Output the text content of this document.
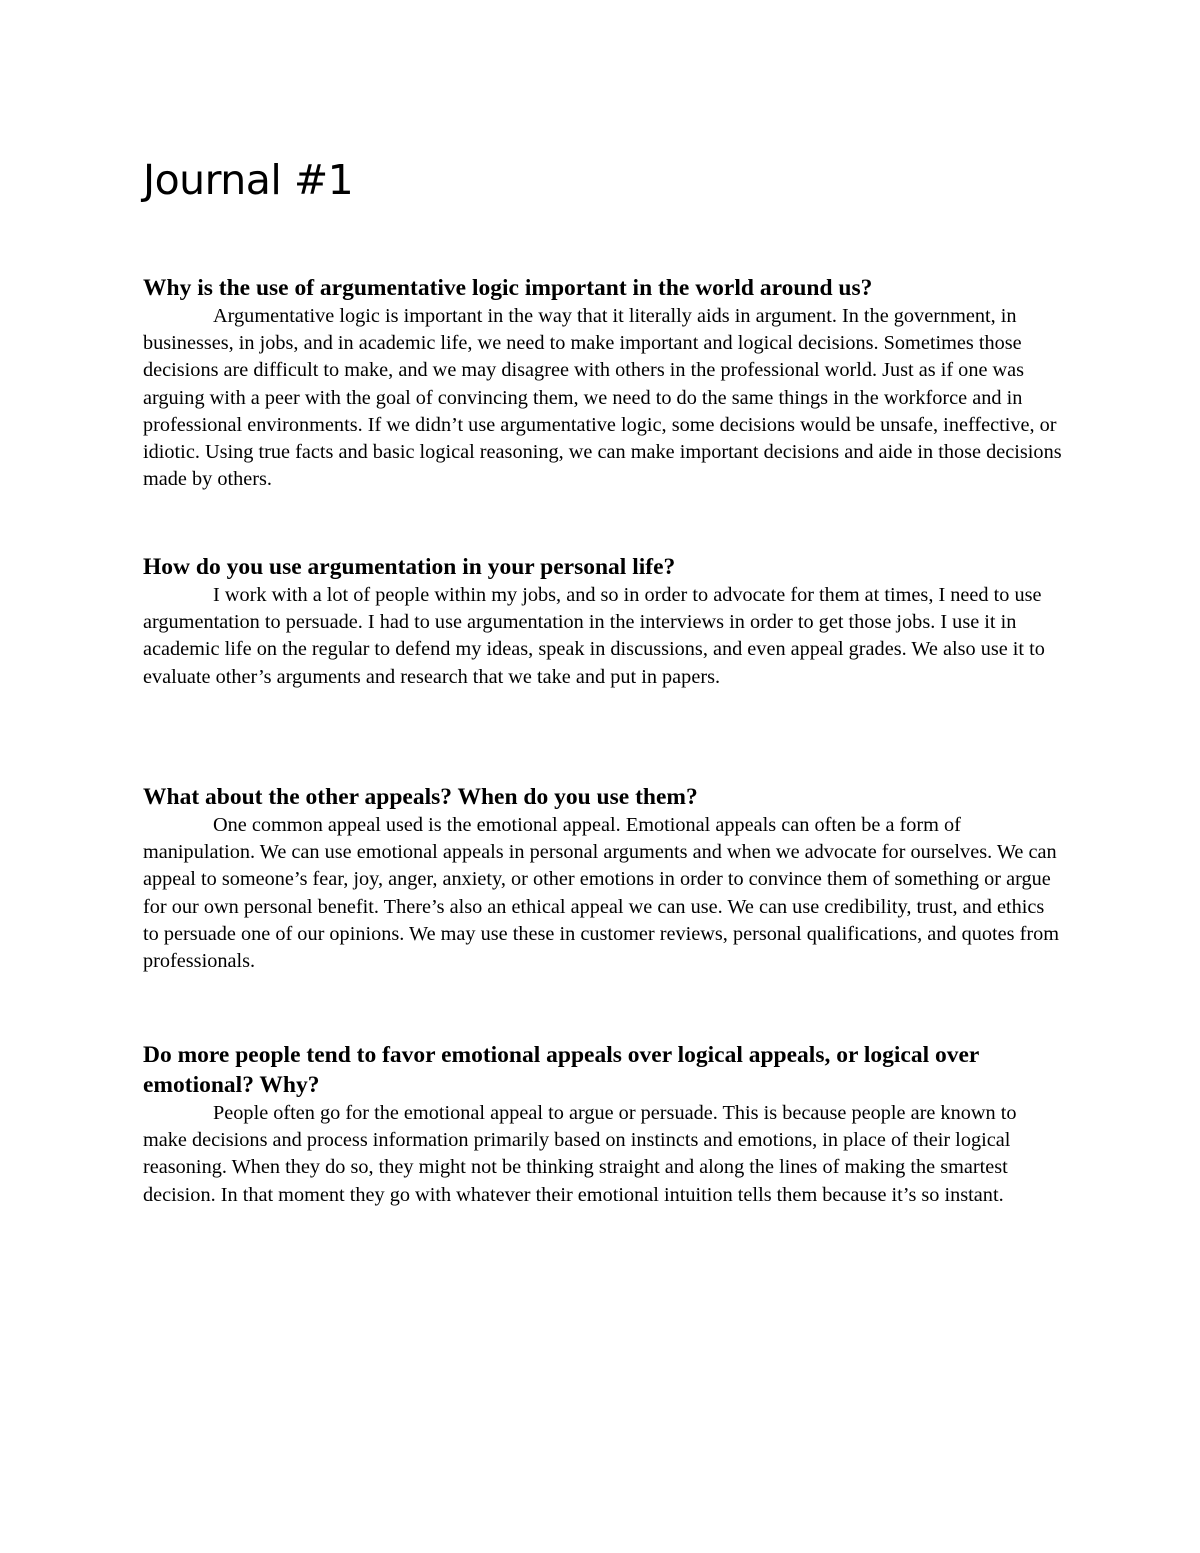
Journal #1

Why is the use of argumentative logic important in the world around us?

Argumentative logic is important in the way that it literally aids in argument. In the government, in businesses, in jobs, and in academic life, we need to make important and logical decisions. Sometimes those decisions are difficult to make, and we may disagree with others in the professional world. Just as if one was arguing with a peer with the goal of convincing them, we need to do the same things in the workforce and in professional environments. If we didn’t use argumentative logic, some decisions would be unsafe, ineffective, or idiotic. Using true facts and basic logical reasoning, we can make important decisions and aide in those decisions made by others.

How do you use argumentation in your personal life?

I work with a lot of people within my jobs, and so in order to advocate for them at times, I need to use argumentation to persuade. I had to use argumentation in the interviews in order to get those jobs. I use it in academic life on the regular to defend my ideas, speak in discussions, and even appeal grades. We also use it to evaluate other’s arguments and research that we take and put in papers.

What about the other appeals? When do you use them?

One common appeal used is the emotional appeal. Emotional appeals can often be a form of manipulation. We can use emotional appeals in personal arguments and when we advocate for ourselves. We can appeal to someone’s fear, joy, anger, anxiety, or other emotions in order to convince them of something or argue for our own personal benefit. There’s also an ethical appeal we can use. We can use credibility, trust, and ethics to persuade one of our opinions. We may use these in customer reviews, personal qualifications, and quotes from professionals.

Do more people tend to favor emotional appeals over logical appeals, or logical over emotional? Why?

People often go for the emotional appeal to argue or persuade. This is because people are known to make decisions and process information primarily based on instincts and emotions, in place of their logical reasoning. When they do so, they might not be thinking straight and along the lines of making the smartest decision. In that moment they go with whatever their emotional intuition tells them because it’s so instant.
